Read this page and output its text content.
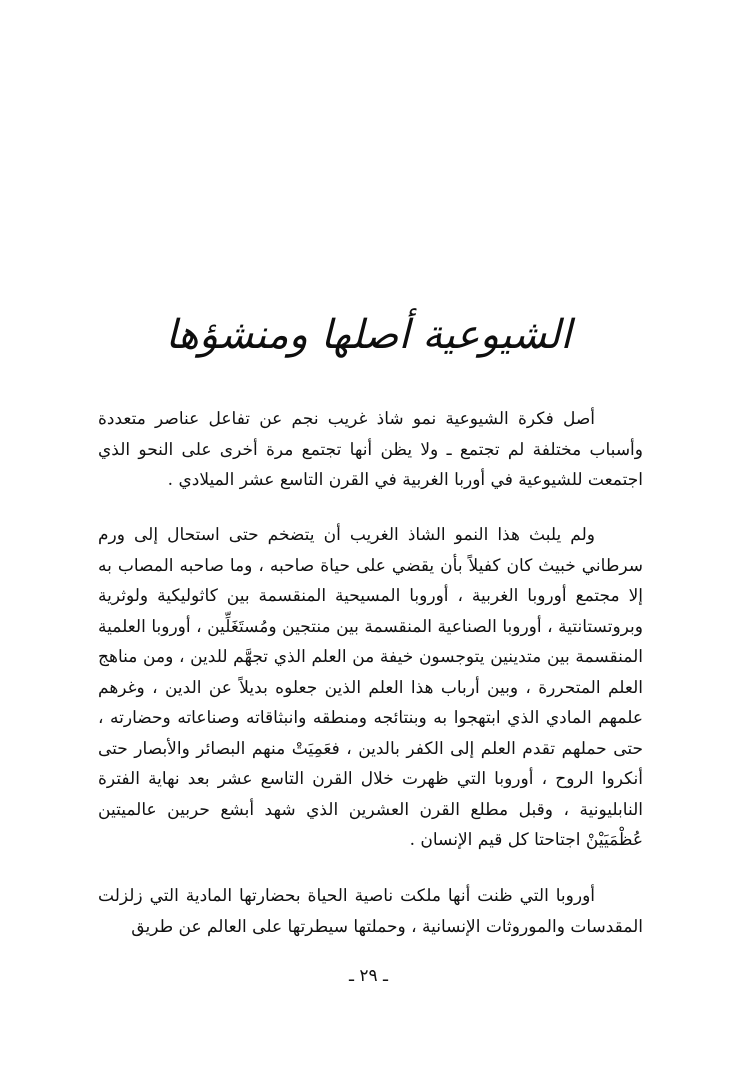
الشيوعية أصلها ومنشؤها

أصل فكرة الشيوعية نمو شاذ غريب نجم عن تفاعل عناصر متعددة وأسباب مختلفة لم تجتمع ـ ولا يظن أنها تجتمع مرة أخرى على النحو الذي اجتمعت للشيوعية في أوربا الغربية في القرن التاسع عشر الميلادي .

ولم يلبث هذا النمو الشاذ الغريب أن يتضخم حتى استحال إلى ورم سرطاني خبيث كان كفيلاً بأن يقضي على حياة صاحبه ، وما صاحبه المصاب به إلا مجتمع أوروبا الغربية ، أوروبا المسيحية المنقسمة بين كاثوليكية ولوثرية وبروتستانتية ، أوروبا الصناعية المنقسمة بين منتجين ومُستَغَلِّين ، أوروبا العلمية المنقسمة بين متدينين يتوجسون خيفة من العلم الذي تجهَّم للدين ، ومن مناهج العلم المتحررة ، وبين أرباب هذا العلم الذين جعلوه بديلاً عن الدين ، وغرهم علمهم المادي الذي ابتهجوا به وبنتائجه ومنطقه وانبثاقاته وصناعاته وحضارته ، حتى حملهم تقدم العلم إلى الكفر بالدين ، فعَمِيَتْ منهم البصائر والأبصار حتى أنكروا الروح ، أوروبا التي ظهرت خلال القرن التاسع عشر بعد نهاية الفترة النابليونية ، وقبل مطلع القرن العشرين الذي شهد أبشع حربين عالميتين عُظْمَيَيْنْ اجتاحتا كل قيم الإنسان .

أوروبا التي ظنت أنها ملكت ناصية الحياة بحضارتها المادية التي زلزلت المقدسات والموروثات الإنسانية ، وحملتها سيطرتها على العالم عن طريق

ـ ٢٩ ـ
